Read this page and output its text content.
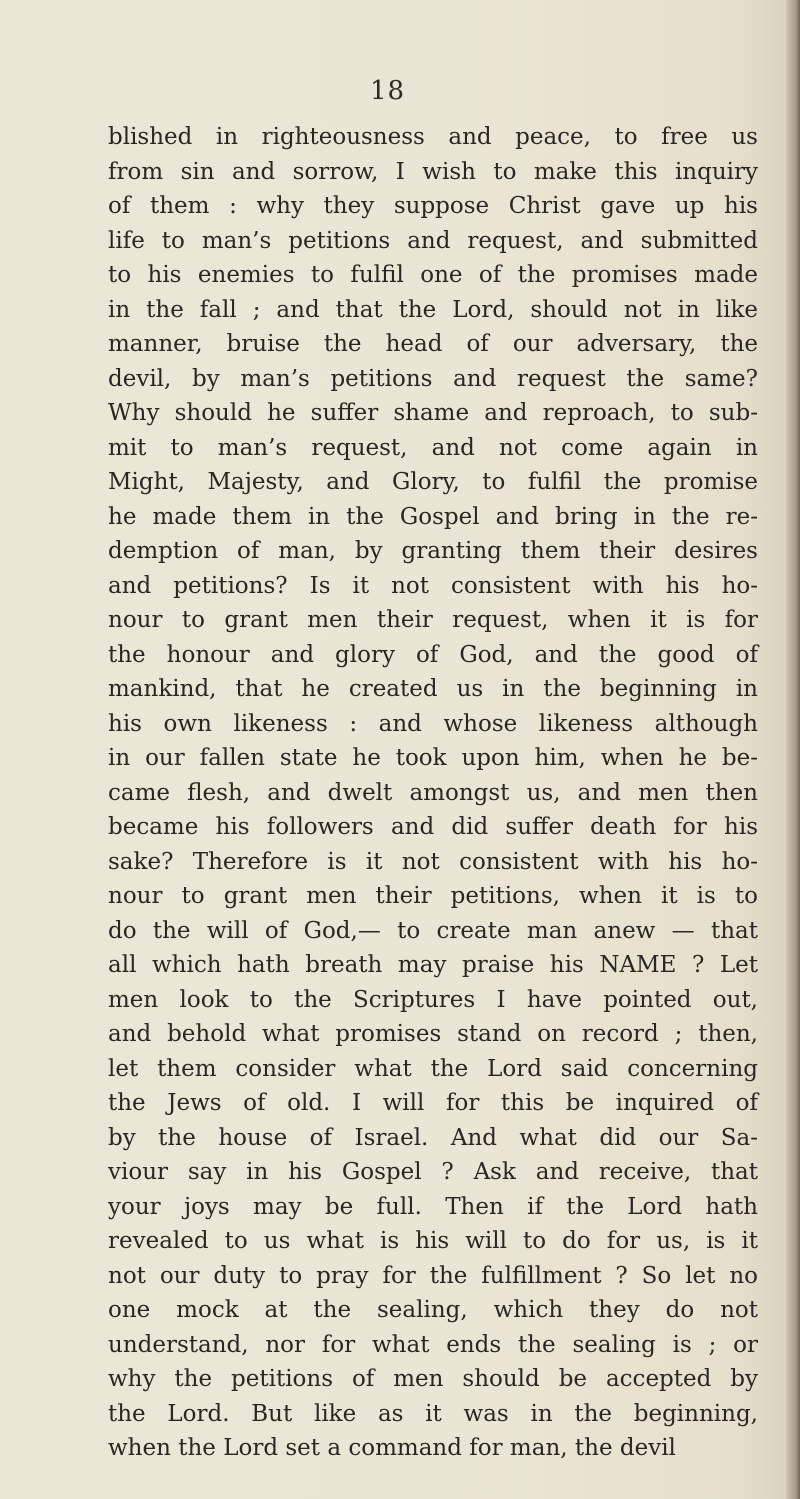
18
blished in righteousness and peace, to free us
from sin and sorrow, I wish to make this inquiry
of them : why they suppose Christ gave up his
life to man’s petitions and request, and submitted
to his enemies to fulfil one of the promises made
in the fall ; and that the Lord, should not in like
manner, bruise the head of our adversary, the
devil, by man’s petitions and request the same?
Why should he suffer shame and reproach, to sub-
mit to man’s request, and not come again in
Might, Majesty, and Glory, to fulfil the promise
he made them in the Gospel and bring in the re-
demption of man, by granting them their desires
and petitions? Is it not consistent with his ho-
nour to grant men their request, when it is for
the honour and glory of God, and the good of
mankind, that he created us in the beginning in
his own likeness : and whose likeness although
in our fallen state he took upon him, when he be-
came flesh, and dwelt amongst us, and men then
became his followers and did suffer death for his
sake? Therefore is it not consistent with his ho-
nour to grant men their petitions, when it is to
do the will of God,— to create man anew — that
all which hath breath may praise his NAME ? Let
men look to the Scriptures I have pointed out,
and behold what promises stand on record ; then,
let them consider what the Lord said concerning
the Jews of old. I will for this be inquired of
by the house of Israel. And what did our Sa-
viour say in his Gospel ? Ask and receive, that
your joys may be full. Then if the Lord hath
revealed to us what is his will to do for us, is it
not our duty to pray for the fulfillment ? So let no
one mock at the sealing, which they do not
understand, nor for what ends the sealing is ; or
why the petitions of men should be accepted by
the Lord. But like as it was in the beginning,
when the Lord set a command for man, the devil
